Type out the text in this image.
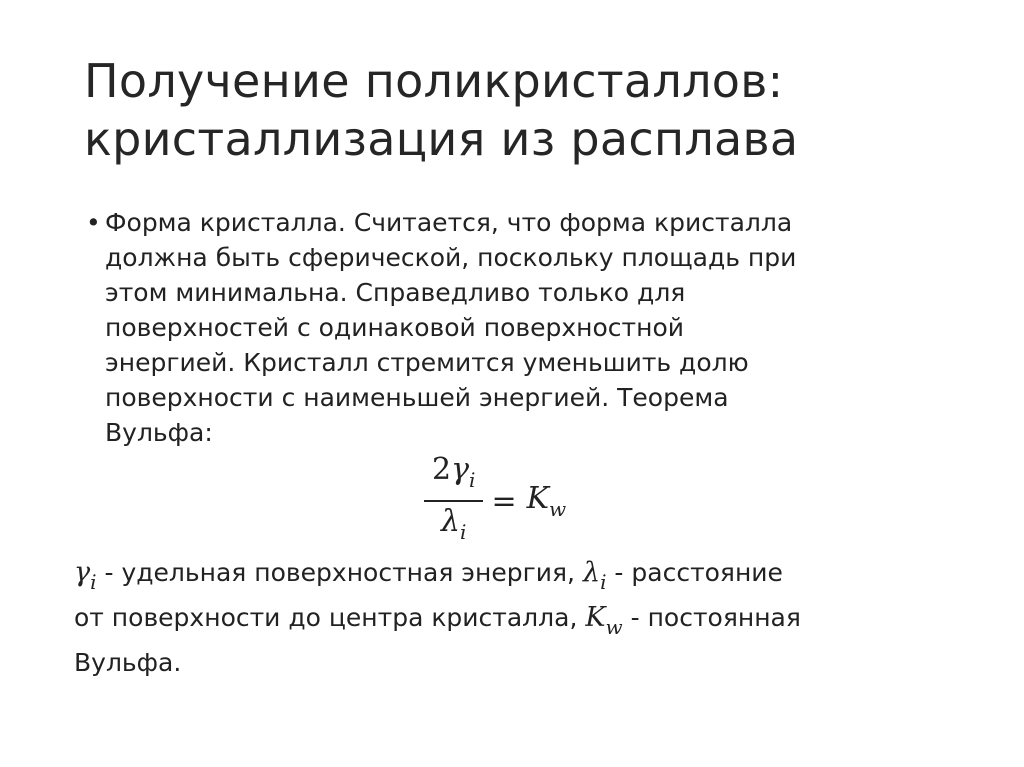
Получение поликристаллов:
кристаллизация из расплава
• Форма кристалла. Считается, что форма кристалла
должна быть сферической, поскольку площадь при
этом минимальна. Справедливо только для
поверхностей с одинаковой поверхностной
энергией. Кристалл стремится уменьшить долю
поверхности с наименьшей энергией. Теорема
Вульфа:
$\frac{2\gamma_i}{\lambda_i} = K_w$
$\gamma_i$ - удельная поверхностная энергия, $\lambda_i$ - расстояние
от поверхности до центра кристалла, $K_w$ - постоянная
Вульфа.
